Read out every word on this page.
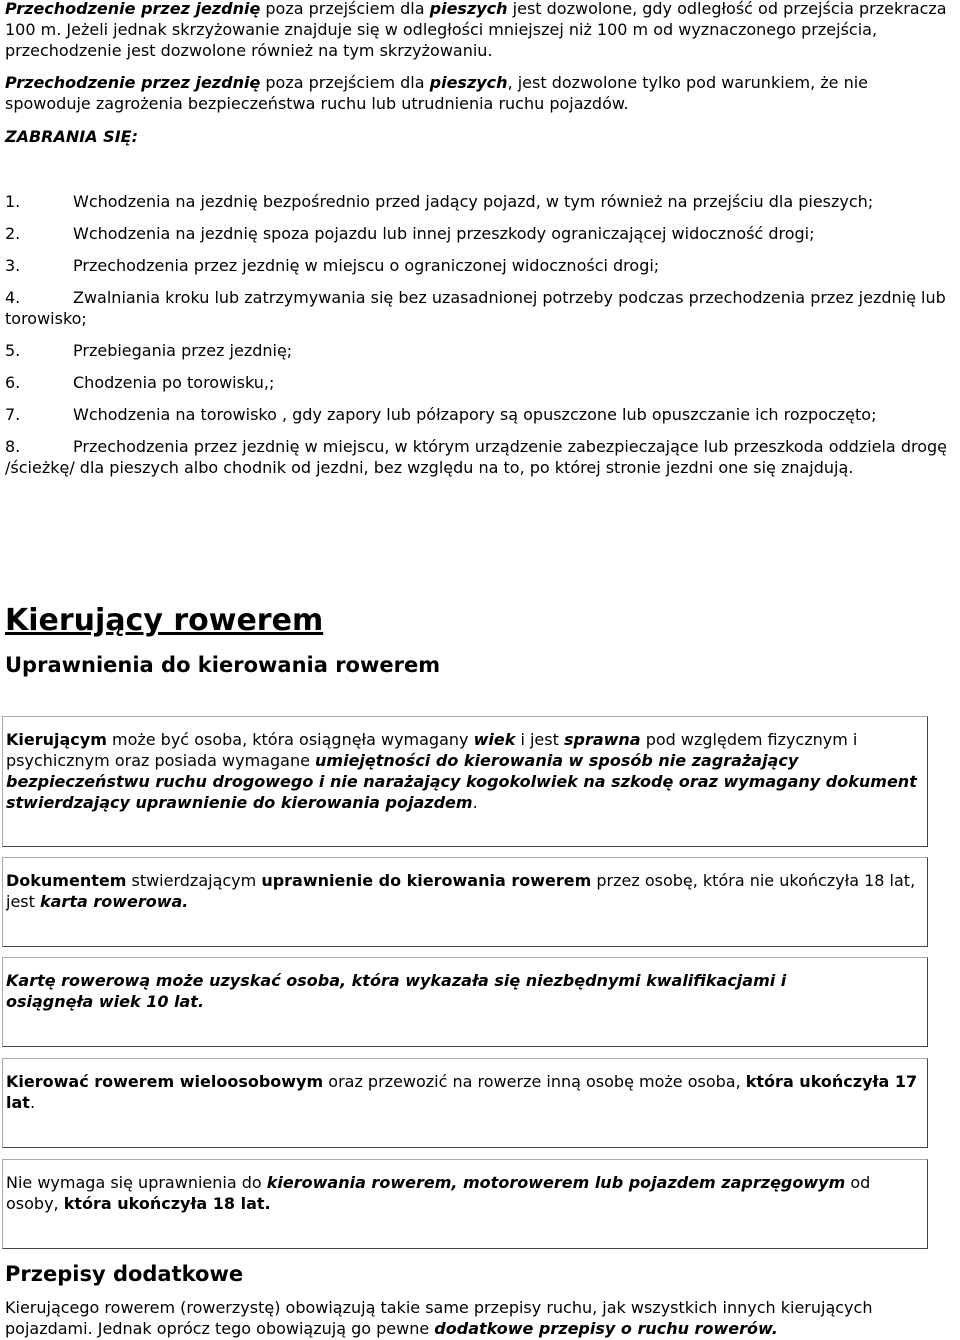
Przechodzenie przez jezdnię poza przejściem dla pieszych jest dozwolone, gdy odległość od przejścia przekracza 100 m. Jeżeli jednak skrzyżowanie znajduje się w odległości mniejszej niż 100 m od wyznaczonego przejścia, przechodzenie jest dozwolone również na tym skrzyżowaniu.

Przechodzenie przez jezdnię poza przejściem dla pieszych, jest dozwolone tylko pod warunkiem, że nie spowoduje zagrożenia bezpieczeństwa ruchu lub utrudnienia ruchu pojazdów.

ZABRANIA SIĘ:

1.	Wchodzenia na jezdnię bezpośrednio przed jadący pojazd, w tym również na przejściu dla pieszych;

2.	Wchodzenia na jezdnię spoza pojazdu lub innej przeszkody ograniczającej widoczność drogi;

3.	Przechodzenia przez jezdnię w miejscu o ograniczonej widoczności drogi;

4.	Zwalniania kroku lub zatrzymywania się bez uzasadnionej potrzeby podczas przechodzenia przez jezdnię lub torowisko;

5.	Przebiegania przez jezdnię;

6.	Chodzenia po torowisku,;

7.	Wchodzenia na torowisko , gdy zapory lub półzapory są opuszczone lub opuszczanie ich rozpoczęto;

8.	Przechodzenia przez jezdnię w miejscu, w którym urządzenie zabezpieczające lub przeszkoda oddziela drogę /ścieżkę/ dla pieszych albo chodnik od jezdni, bez względu na to, po której stronie jezdni one się znajdują.

Kierujący rowerem
Uprawnienia do kierowania rowerem

Kierującym może być osoba, która osiągnęła wymagany wiek i jest sprawna pod względem fizycznym i psychicznym oraz posiada wymagane umiejętności do kierowania w sposób nie zagrażający bezpieczeństwu ruchu drogowego i nie narażający kogokolwiek na szkodę oraz wymagany dokument stwierdzający uprawnienie do kierowania pojazdem.

Dokumentem stwierdzającym uprawnienie do kierowania rowerem przez osobę, która nie ukończyła 18 lat, jest karta rowerowa.

Kartę rowerową może uzyskać osoba, która wykazała się niezbędnymi kwalifikacjami i osiągnęła wiek 10 lat.

Kierować rowerem wieloosobowym oraz przewozić na rowerze inną osobę może osoba, która ukończyła 17 lat.

Nie wymaga się uprawnienia do kierowania rowerem, motorowerem lub pojazdem zaprzęgowym od osoby, która ukończyła 18 lat.

Przepisy dodatkowe

Kierującego rowerem (rowerzystę) obowiązują takie same przepisy ruchu, jak wszystkich innych kierujących pojazdami. Jednak oprócz tego obowiązują go pewne dodatkowe przepisy o ruchu rowerów.
